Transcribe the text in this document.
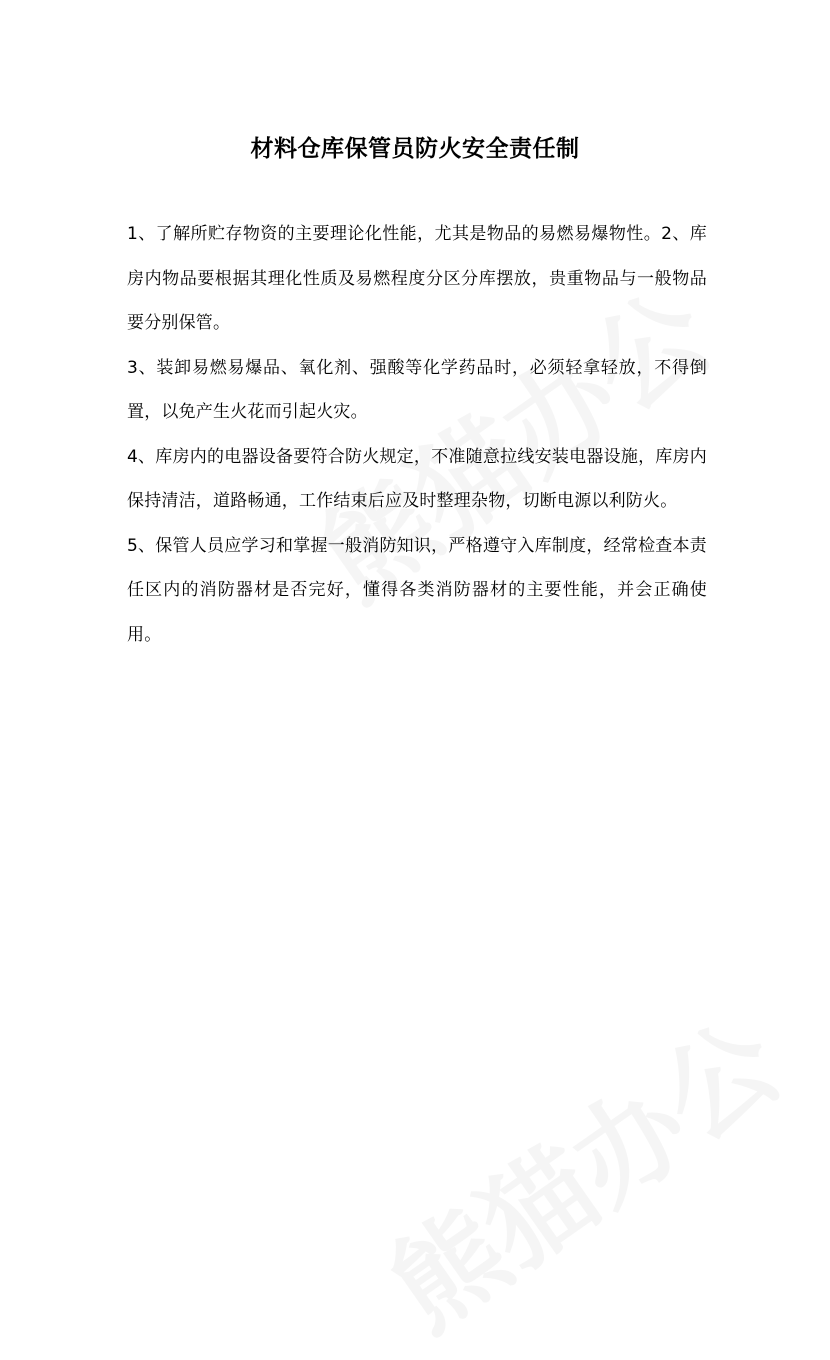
材料仓库保管员防火安全责任制

1、了解所贮存物资的主要理论化性能，尤其是物品的易燃易爆物性。2、库房内物品要根据其理化性质及易燃程度分区分库摆放，贵重物品与一般物品要分别保管。

3、装卸易燃易爆品、氧化剂、强酸等化学药品时，必须轻拿轻放，不得倒置，以免产生火花而引起火灾。

4、库房内的电器设备要符合防火规定，不准随意拉线安装电器设施，库房内保持清洁，道路畅通，工作结束后应及时整理杂物，切断电源以利防火。

5、保管人员应学习和掌握一般消防知识，严格遵守入库制度，经常检查本责任区内的消防器材是否完好，懂得各类消防器材的主要性能，并会正确使用。
